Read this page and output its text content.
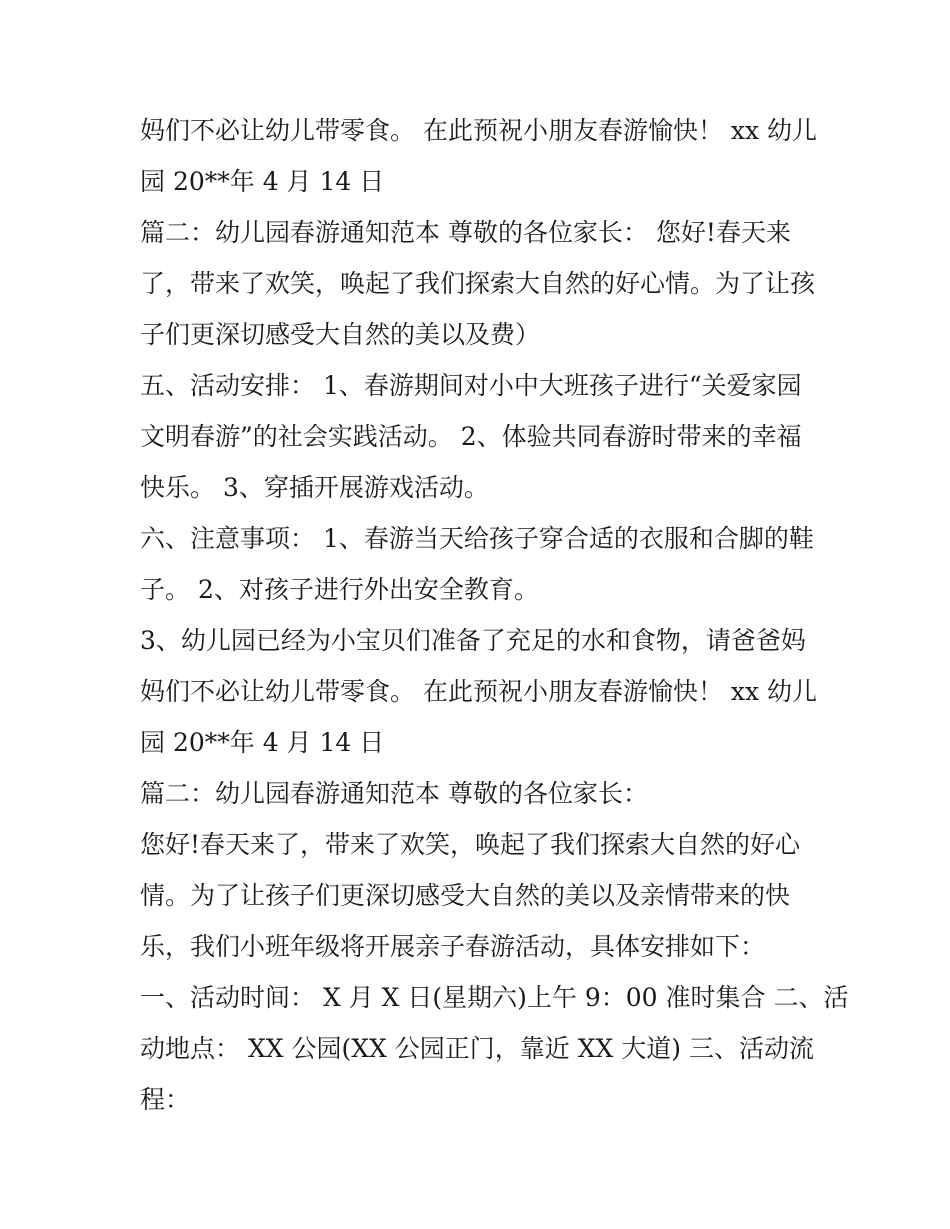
妈们不必让幼儿带零食。 在此预祝小朋友春游愉快！ xx 幼儿
园 20**年 4 月 14 日
篇二：幼儿园春游通知范本 尊敬的各位家长： 您好!春天来
了，带来了欢笑，唤起了我们探索大自然的好心情。为了让孩
子们更深切感受大自然的美以及费）
五、活动安排： 1、春游期间对小中大班孩子进行“关爱家园
文明春游”的社会实践活动。 2、体验共同春游时带来的幸福
快乐。 3、穿插开展游戏活动。
六、注意事项： 1、春游当天给孩子穿合适的衣服和合脚的鞋
子。 2、对孩子进行外出安全教育。
3、幼儿园已经为小宝贝们准备了充足的水和食物，请爸爸妈
妈们不必让幼儿带零食。 在此预祝小朋友春游愉快！ xx 幼儿
园 20**年 4 月 14 日
篇二：幼儿园春游通知范本 尊敬的各位家长：
您好!春天来了，带来了欢笑，唤起了我们探索大自然的好心
情。为了让孩子们更深切感受大自然的美以及亲情带来的快
乐，我们小班年级将开展亲子春游活动，具体安排如下：
一、活动时间： X 月 X 日(星期六)上午 9：00 准时集合 二、活
动地点： XX 公园(XX 公园正门，靠近 XX 大道) 三、活动流
程：
